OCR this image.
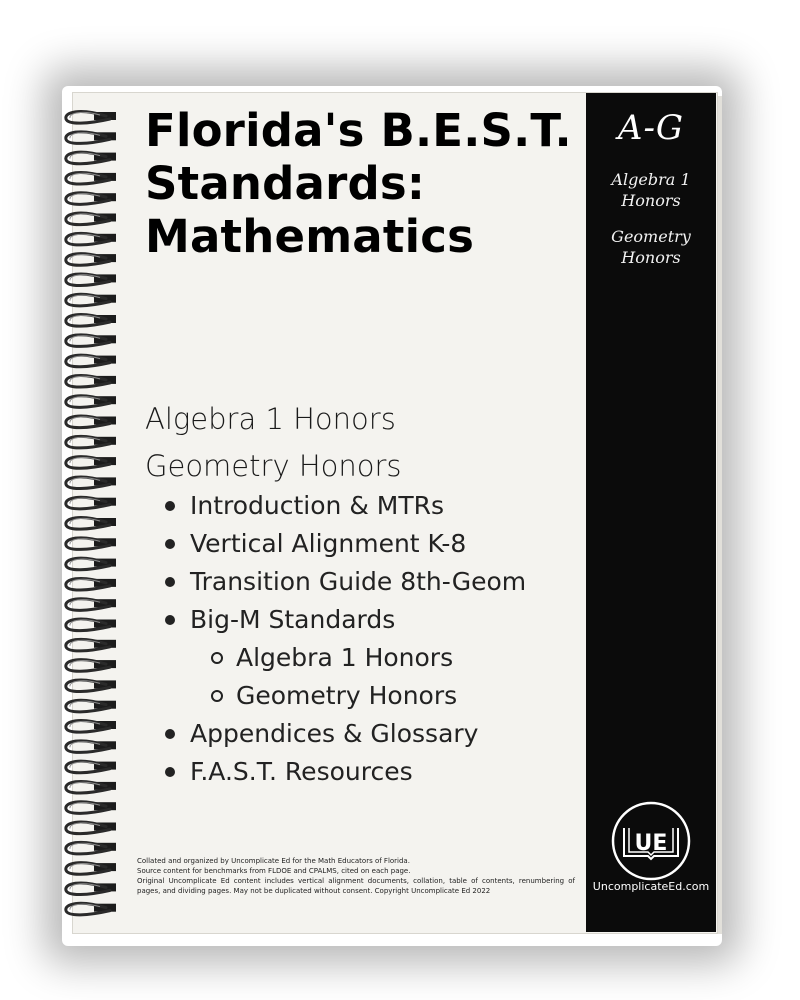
Florida's B.E.S.T. Standards: Mathematics
Algebra 1 Honors
Geometry Honors
Introduction & MTRs
Vertical Alignment K-8
Transition Guide 8th-Geom
Big-M Standards
Algebra 1 Honors
Geometry Honors
Appendices & Glossary
F.A.S.T. Resources
A-G
Algebra 1
Honors
Geometry
Honors
UE
UncomplicateEd.com
Collated and organized by Uncomplicate Ed for the Math Educators of Florida.
Source content for benchmarks from FLDOE and CPALMS, cited on each page.
Original Uncomplicate Ed content includes vertical alignment documents, collation, table of contents, renumbering of pages, and dividing pages. May not be duplicated without consent. Copyright Uncomplicate Ed 2022
